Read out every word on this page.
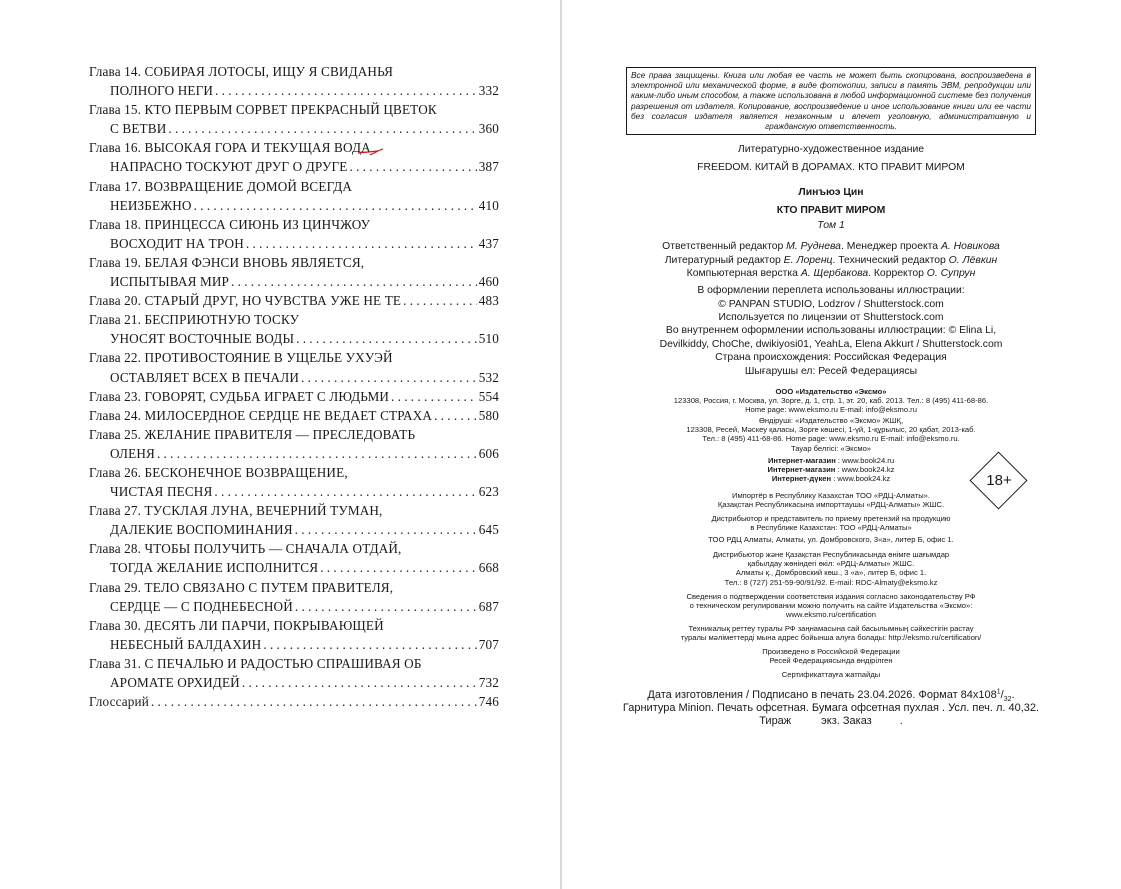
Глава 14. СОБИРАЯ ЛОТОСЫ, ИЩУ Я СВИДАНЬЯ
ПОЛНОГО НЕГИ . . .	332
Глава 15. КТО ПЕРВЫМ СОРВЕТ ПРЕКРАСНЫЙ ЦВЕТОК
С ВЕТВИ . . .	360
Глава 16. ВЫСОКАЯ ГОРА И ТЕКУЩАЯ ВОДА
НАПРАСНО ТОСКУЮТ ДРУГ О ДРУГЕ . . .	387
Глава 17. ВОЗВРАЩЕНИЕ ДОМОЙ ВСЕГДА
НЕИЗБЕЖНО . . .	410
Глава 18. ПРИНЦЕССА СИЮНЬ ИЗ ЦИНЧЖОУ
ВОСХОДИТ НА ТРОН . . .	437
Глава 19. БЕЛАЯ ФЭНСИ ВНОВЬ ЯВЛЯЕТСЯ,
ИСПЫТЫВАЯ МИР . . .	460
Глава 20. СТАРЫЙ ДРУГ, НО ЧУВСТВА УЖЕ НЕ ТЕ . . .	483
Глава 21. БЕСПРИЮТНУЮ ТОСКУ
УНОСЯТ ВОСТОЧНЫЕ ВОДЫ . . .	510
Глава 22. ПРОТИВОСТОЯНИЕ В УЩЕЛЬЕ УХУЭЙ
ОСТАВЛЯЕТ ВСЕХ В ПЕЧАЛИ . . .	532
Глава 23. ГОВОРЯТ, СУДЬБА ИГРАЕТ С ЛЮДЬМИ . . .	554
Глава 24. МИЛОСЕРДНОЕ СЕРДЦЕ НЕ ВЕДАЕТ СТРАХА . . .	580
Глава 25. ЖЕЛАНИЕ ПРАВИТЕЛЯ — ПРЕСЛЕДОВАТЬ
ОЛЕНЯ . . .	606
Глава 26. БЕСКОНЕЧНОЕ ВОЗВРАЩЕНИЕ,
ЧИСТАЯ ПЕСНЯ . . .	623
Глава 27. ТУСКЛАЯ ЛУНА, ВЕЧЕРНИЙ ТУМАН,
ДАЛЕКИЕ ВОСПОМИНАНИЯ . . .	645
Глава 28. ЧТОБЫ ПОЛУЧИТЬ — СНАЧАЛА ОТДАЙ,
ТОГДА ЖЕЛАНИЕ ИСПОЛНИТСЯ . . .	668
Глава 29. ТЕЛО СВЯЗАНО С ПУТЕМ ПРАВИТЕЛЯ,
СЕРДЦЕ — С ПОДНЕБЕСНОЙ . . .	687
Глава 30. ДЕСЯТЬ ЛИ ПАРЧИ, ПОКРЫВАЮЩЕЙ
НЕБЕСНЫЙ БАЛДАХИН . . .	707
Глава 31. С ПЕЧАЛЬЮ И РАДОСТЬЮ СПРАШИВАЯ ОБ
АРОМАТЕ ОРХИДЕЙ . . .	732
Глоссарий . . .	746
Все права защищены. Книга или любая ее часть не может быть скопирована, воспроизведена в электронной или механической форме, в виде фотокопии, записи в память ЭВМ, репродукции или каким-либо иным способом, а также использована в любой информационной системе без получения разрешения от издателя. Копирование, воспроизведение и иное использование книги или ее части без согласия издателя является незаконным и влечет уголовную, административную и гражданскую ответственность.
Литературно-художественное издание
FREEDOM. КИТАЙ В ДОРАМАХ. КТО ПРАВИТ МИРОМ
Линъюэ Цин
КТО ПРАВИТ МИРОМ
Том 1
Ответственный редактор М. Руднева. Менеджер проекта А. Новикова
Литературный редактор Е. Лоренц. Технический редактор О. Лёвкин
Компьютерная верстка А. Щербакова. Корректор О. Супрун
В оформлении переплета использованы иллюстрации:
© PANPAN STUDIO, Lodzrov / Shutterstock.com
Используется по лицензии от Shutterstock.com
Во внутреннем оформлении использованы иллюстрации: © Elina Li,
Devilkiddy, ChoChe, dwikiyosi01, YeahLa, Elena Akkurt / Shutterstock.com
Страна происхождения: Российская Федерация
Шығарушы ел: Ресей Федерациясы
ООО «Издательство «Эксмо»
123308, Россия, г. Москва, ул. Зорге, д. 1, стр. 1, эт. 20, каб. 2013. Тел.: 8 (495) 411-68-86.
Home page: www.eksmo.ru E-mail: info@eksmo.ru
Өндіруші: «Издательство «Эксмо» ЖШҚ,
123308, Ресей, Мәскеу қаласы, Зорге көшесі, 1-үй, 1-құрылыс, 20 қабат, 2013-каб.
Тел.: 8 (495) 411-68-86. Home page: www.eksmo.ru E-mail: info@eksmo.ru.
Тауар белгісі: «Эксмо»
Интернет-магазин : www.book24.ru
Интернет-магазин : www.book24.kz
Интернет-дүкен : www.book24.kz	18+
Импортёр в Республику Казахстан ТОО «РДЦ-Алматы».
Қазақстан Республикасына импорттаушы «РДЦ-Алматы» ЖШС.
Дистрибьютор и представитель по приему претензий на продукцию
в Республике Казахстан: ТОО «РДЦ-Алматы»
ТОО РДЦ Алматы, Алматы, ул. Домбровского, 3«а», литер Б, офис 1.
Дистрибьютор және Қазақстан Республикасында өнімге шағымдар
қабылдау жөніндегі өкіл: «РДЦ-Алматы» ЖШС.
Алматы қ., Домбровский көш., 3 «а», литер Б, офис 1.
Тел.: 8 (727) 251-59-90/91/92. E-mail: RDC-Almaty@eksmo.kz
Сведения о подтверждении соответствия издания согласно законодательству РФ
о техническом регулировании можно получить на сайте Издательства «Эксмо»:
www.eksmo.ru/certification
Техникалық реттеу туралы РФ заңнамасына сай басылымның сәйкестігін растау
туралы мәліметтерді мына адрес бойынша алуға болады: http://eksmo.ru/certification/
Произведено в Российской Федерации
Ресей Федерациясында өндірілген
Сертификаттауға жатпайды
Дата изготовления / Подписано в печать 23.04.2026. Формат $84x108^1/_{32}$.
Гарнитура Minion. Печать офсетная. Бумага офсетная пухлая . Усл. печ. л. 40,32.
Тираж	экз. Заказ	.
